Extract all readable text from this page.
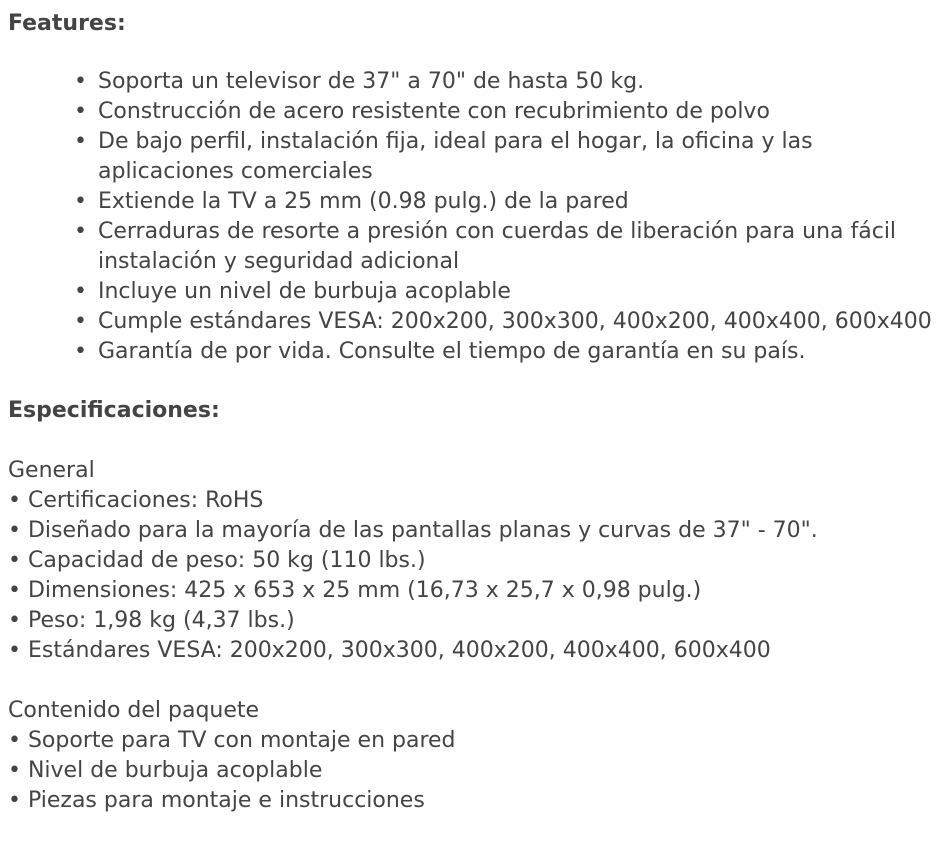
Features:

• Soporta un televisor de 37" a 70" de hasta 50 kg.
• Construcción de acero resistente con recubrimiento de polvo
• De bajo perfil, instalación fija, ideal para el hogar, la oficina y las aplicaciones comerciales
• Extiende la TV a 25 mm (0.98 pulg.) de la pared
• Cerraduras de resorte a presión con cuerdas de liberación para una fácil instalación y seguridad adicional
• Incluye un nivel de burbuja acoplable
• Cumple estándares VESA: 200x200, 300x300, 400x200, 400x400, 600x400
• Garantía de por vida. Consulte el tiempo de garantía en su país.

Especificaciones:

General

• Certificaciones: RoHS
• Diseñado para la mayoría de las pantallas planas y curvas de 37" - 70".
• Capacidad de peso: 50 kg (110 lbs.)
• Dimensiones: 425 x 653 x 25 mm (16,73 x 25,7 x 0,98 pulg.)
• Peso: 1,98 kg (4,37 lbs.)
• Estándares VESA: 200x200, 300x300, 400x200, 400x400, 600x400

Contenido del paquete

• Soporte para TV con montaje en pared
• Nivel de burbuja acoplable
• Piezas para montaje e instrucciones
